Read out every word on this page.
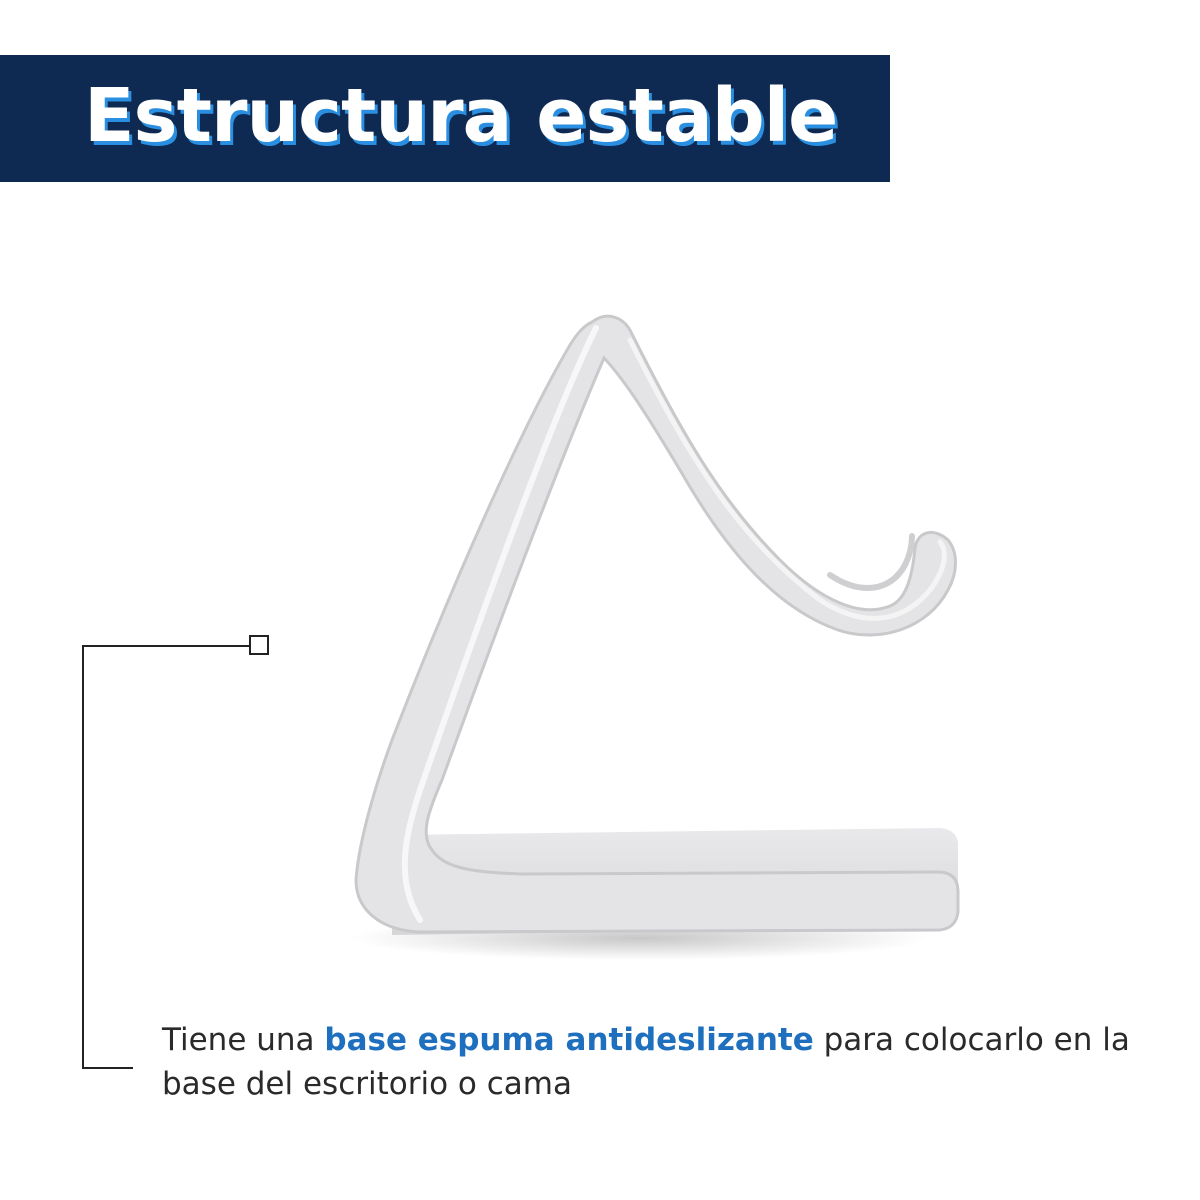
Estructura estable

Tiene una base espuma antideslizante para colocarlo en la base del escritorio o cama
